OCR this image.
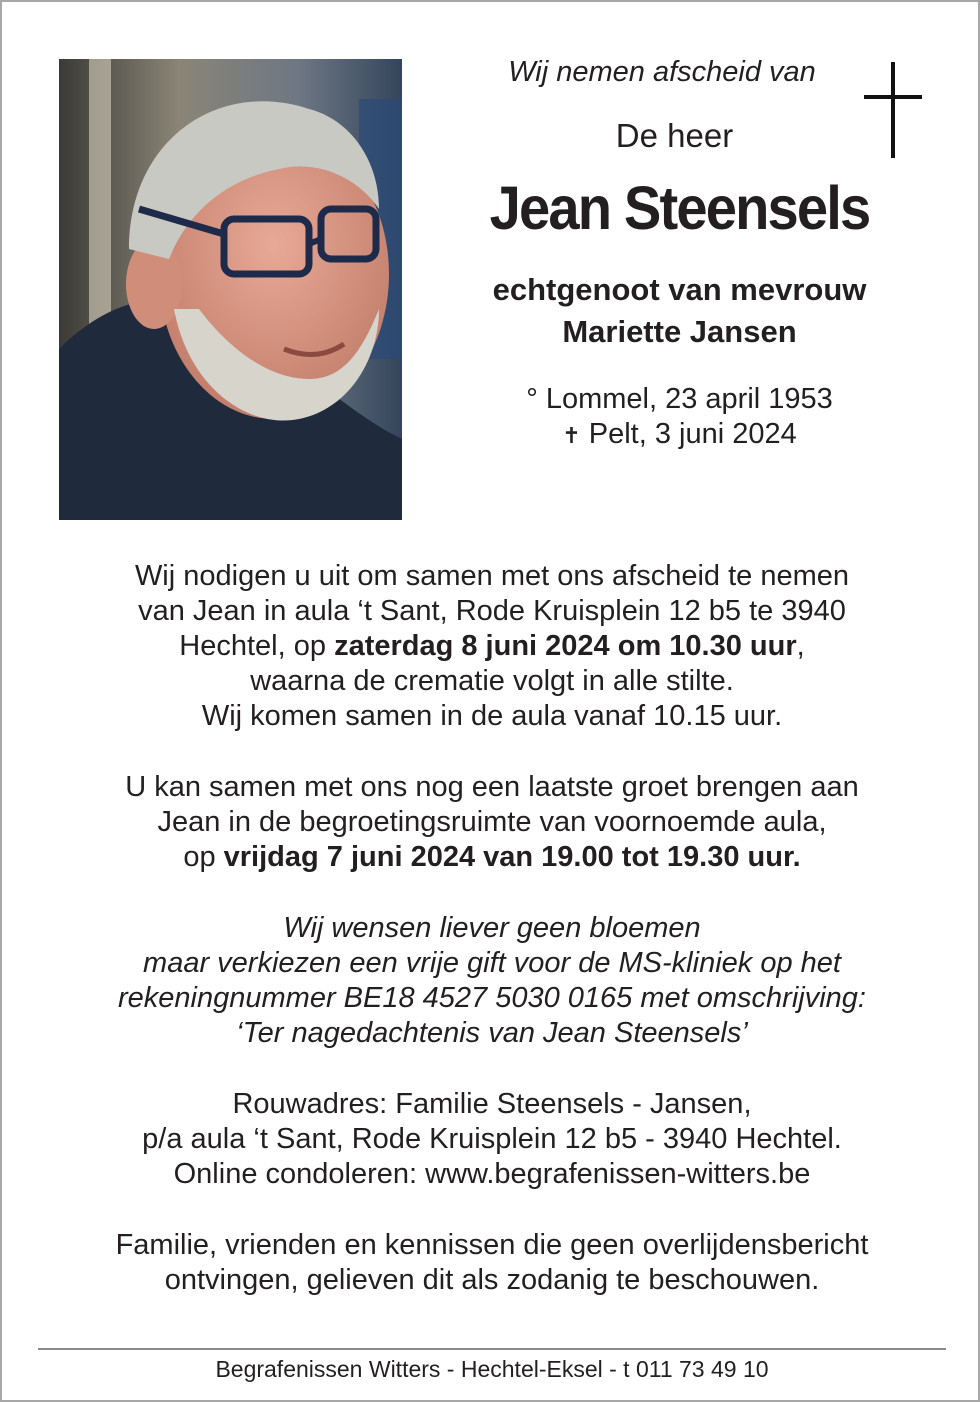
Wij nemen afscheid van

De heer

Jean Steensels

echtgenoot van mevrouw
Mariette Jansen

° Lommel, 23 april 1953
✝ Pelt, 3 juni 2024

Wij nodigen u uit om samen met ons afscheid te nemen
van Jean in aula ‘t Sant, Rode Kruisplein 12 b5 te 3940
Hechtel, op zaterdag 8 juni 2024 om 10.30 uur,
waarna de crematie volgt in alle stilte.
Wij komen samen in de aula vanaf 10.15 uur.

U kan samen met ons nog een laatste groet brengen aan
Jean in de begroetingsruimte van voornoemde aula,
op vrijdag 7 juni 2024 van 19.00 tot 19.30 uur.

Wij wensen liever geen bloemen
maar verkiezen een vrije gift voor de MS-kliniek op het
rekeningnummer BE18 4527 5030 0165 met omschrijving:
‘Ter nagedachtenis van Jean Steensels’

Rouwadres: Familie Steensels - Jansen,
p/a aula ‘t Sant, Rode Kruisplein 12 b5 - 3940 Hechtel.
Online condoleren: www.begrafenissen-witters.be

Familie, vrienden en kennissen die geen overlijdensbericht
ontvingen, gelieven dit als zodanig te beschouwen.

Begrafenissen Witters - Hechtel-Eksel - t 011 73 49 10
